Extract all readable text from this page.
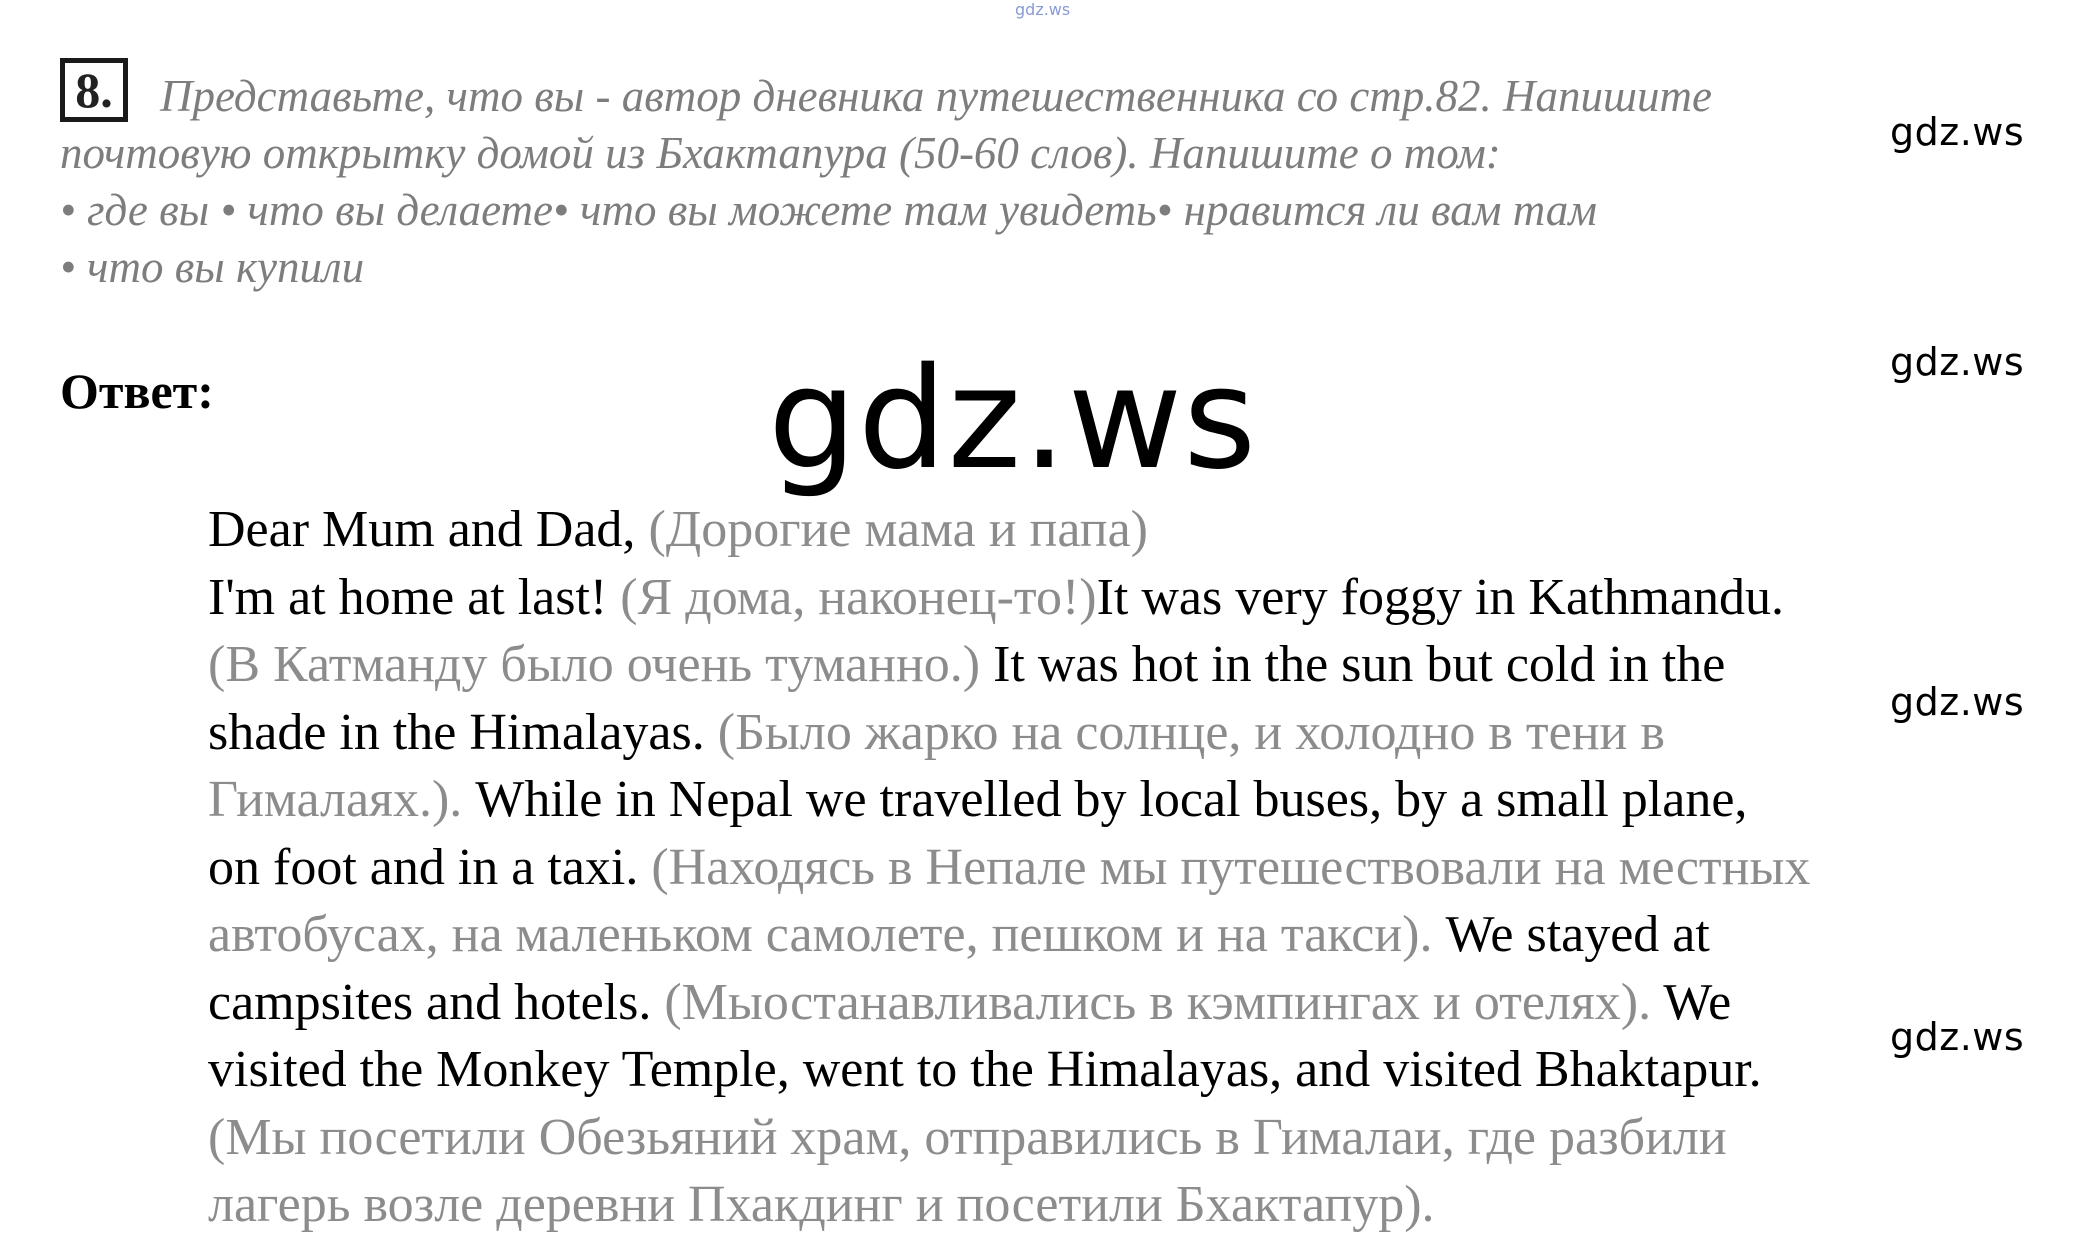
gdz.ws
8.	Представьте, что вы - автор дневника путешественника со стр.82. Напишите
почтовую открытку домой из Бхактапура (50-60 слов). Напишите о том:
• где вы • что вы делаете• что вы можете там увидеть• нравится ли вам там
• что вы купили
gdz.ws
gdz.ws
Ответ:	gdz.ws
Dear Mum and Dad, (Дорогие мама и папа)
I'm at home at last! (Я дома, наконец-то!)It was very foggy in Kathmandu.
(В Катманду было очень туманно.) It was hot in the sun but cold in the
shade in the Himalayas. (Было жарко на солнце, и холодно в тени в
Гималаях.). While in Nepal we travelled by local buses, by a small plane,
on foot and in a taxi. (Находясь в Непале мы путешествовали на местных
автобусах, на маленьком самолете, пешком и на такси). We stayed at
campsites and hotels. (Мыостанавливались в кэмпингах и отелях). We
visited the Monkey Temple, went to the Himalayas, and visited Bhaktapur.
(Мы посетили Обезьяний храм, отправились в Гималаи, где разбили
лагерь возле деревни Пхакдинг и посетили Бхактапур).
gdz.ws
gdz.ws
